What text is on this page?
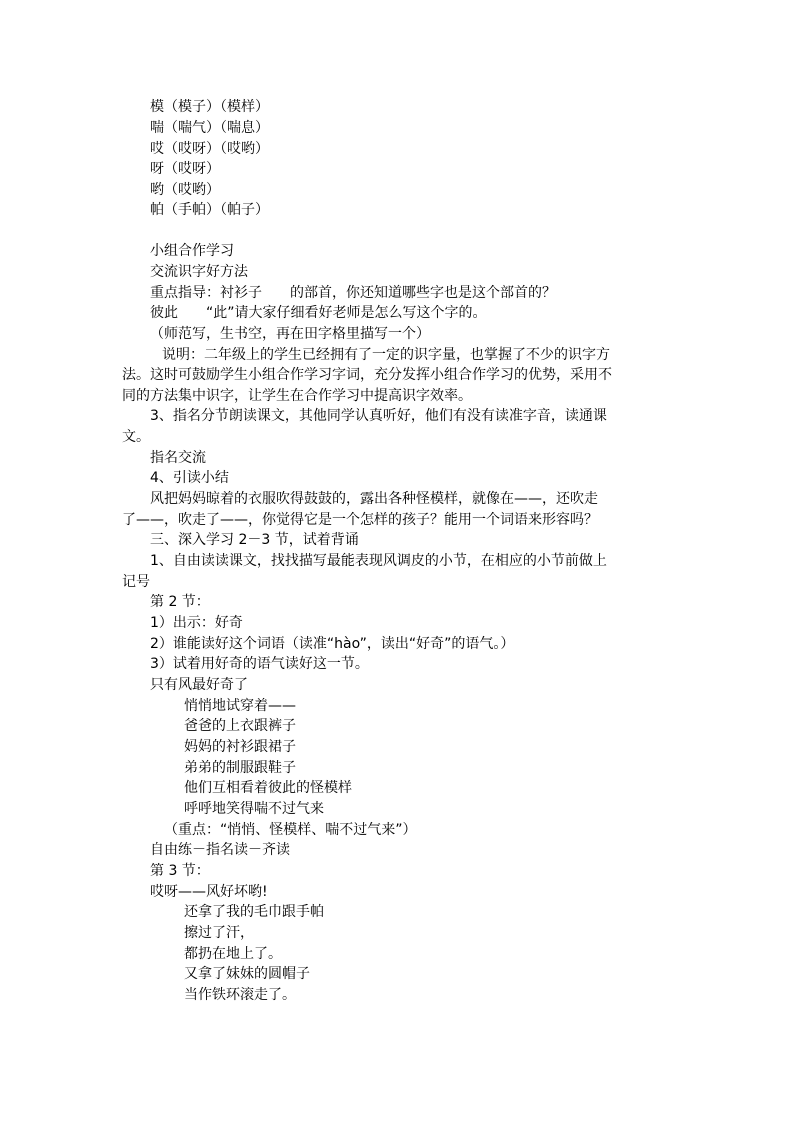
模（模子）（模样）
喘（喘气）（喘息）
哎（哎呀）（哎哟）
呀（哎呀）
哟（哎哟）
帕（手帕）（帕子）
小组合作学习
交流识字好方法
重点指导：衬衫子　　的部首，你还知道哪些字也是这个部首的？
彼此　　“此”请大家仔细看好老师是怎么写这个字的。
（师范写，生书空，再在田字格里描写一个）
说明：二年级上的学生已经拥有了一定的识字量，也掌握了不少的识字方
法。这时可鼓励学生小组合作学习字词，充分发挥小组合作学习的优势，采用不
同的方法集中识字，让学生在合作学习中提高识字效率。
3、指名分节朗读课文，其他同学认真听好，他们有没有读准字音，读通课
文。
指名交流
4、引读小结
风把妈妈晾着的衣服吹得鼓鼓的，露出各种怪模样，就像在——，还吹走
了——，吹走了——，你觉得它是一个怎样的孩子？能用一个词语来形容吗？
三、深入学习 2－3 节，试着背诵
1、自由读读课文，找找描写最能表现风调皮的小节，在相应的小节前做上
记号
第 2 节：
1）出示：好奇
2）谁能读好这个词语（读准“hào”，读出“好奇”的语气。）
3）试着用好奇的语气读好这一节。
只有风最好奇了
悄悄地试穿着——
爸爸的上衣跟裤子
妈妈的衬衫跟裙子
弟弟的制服跟鞋子
他们互相看着彼此的怪模样
呼呼地笑得喘不过气来
（重点：“悄悄、怪模样、喘不过气来”）
自由练－指名读－齐读
第 3 节：
哎呀——风好坏哟!
还拿了我的毛巾跟手帕
擦过了汗，
都扔在地上了。
又拿了妹妹的圆帽子
当作铁环滚走了。
